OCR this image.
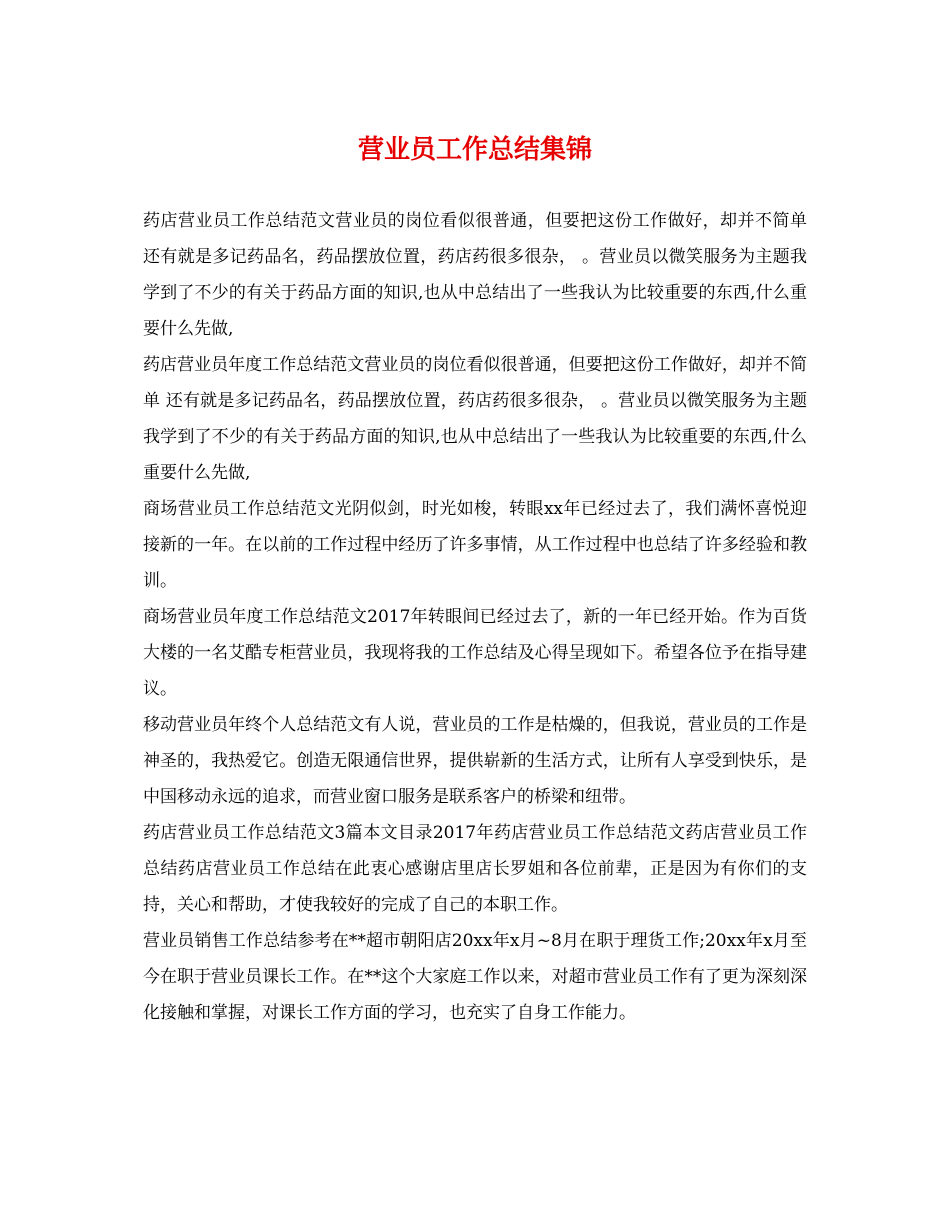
营业员工作总结集锦

药店营业员工作总结范文营业员的岗位看似很普通，但要把这份工作做好，却并不简单 还有就是多记药品名，药品摆放位置，药店药很多很杂， 。营业员以微笑服务为主题我学到了不少的有关于药品方面的知识,也从中总结出了一些我认为比较重要的东西,什么重要什么先做,

药店营业员年度工作总结范文营业员的岗位看似很普通，但要把这份工作做好，却并不简单 还有就是多记药品名，药品摆放位置，药店药很多很杂， 。营业员以微笑服务为主题我学到了不少的有关于药品方面的知识,也从中总结出了一些我认为比较重要的东西,什么重要什么先做,

商场营业员工作总结范文光阴似剑，时光如梭，转眼xx年已经过去了，我们满怀喜悦迎接新的一年。在以前的工作过程中经历了许多事情，从工作过程中也总结了许多经验和教训。

商场营业员年度工作总结范文2017年转眼间已经过去了，新的一年已经开始。作为百货大楼的一名艾酷专柜营业员，我现将我的工作总结及心得呈现如下。希望各位予在指导建议。

移动营业员年终个人总结范文有人说，营业员的工作是枯燥的，但我说，营业员的工作是神圣的，我热爱它。创造无限通信世界，提供崭新的生活方式，让所有人享受到快乐，是中国移动永远的追求，而营业窗口服务是联系客户的桥梁和纽带。

药店营业员工作总结范文3篇本文目录2017年药店营业员工作总结范文药店营业员工作总结药店营业员工作总结在此衷心感谢店里店长罗姐和各位前辈，正是因为有你们的支持，关心和帮助，才使我较好的完成了自己的本职工作。

营业员销售工作总结参考在**超市朝阳店20xx年x月~8月在职于理货工作;20xx年x月至今在职于营业员课长工作。在**这个大家庭工作以来，对超市营业员工作有了更为深刻深化接触和掌握，对课长工作方面的学习，也充实了自身工作能力。
